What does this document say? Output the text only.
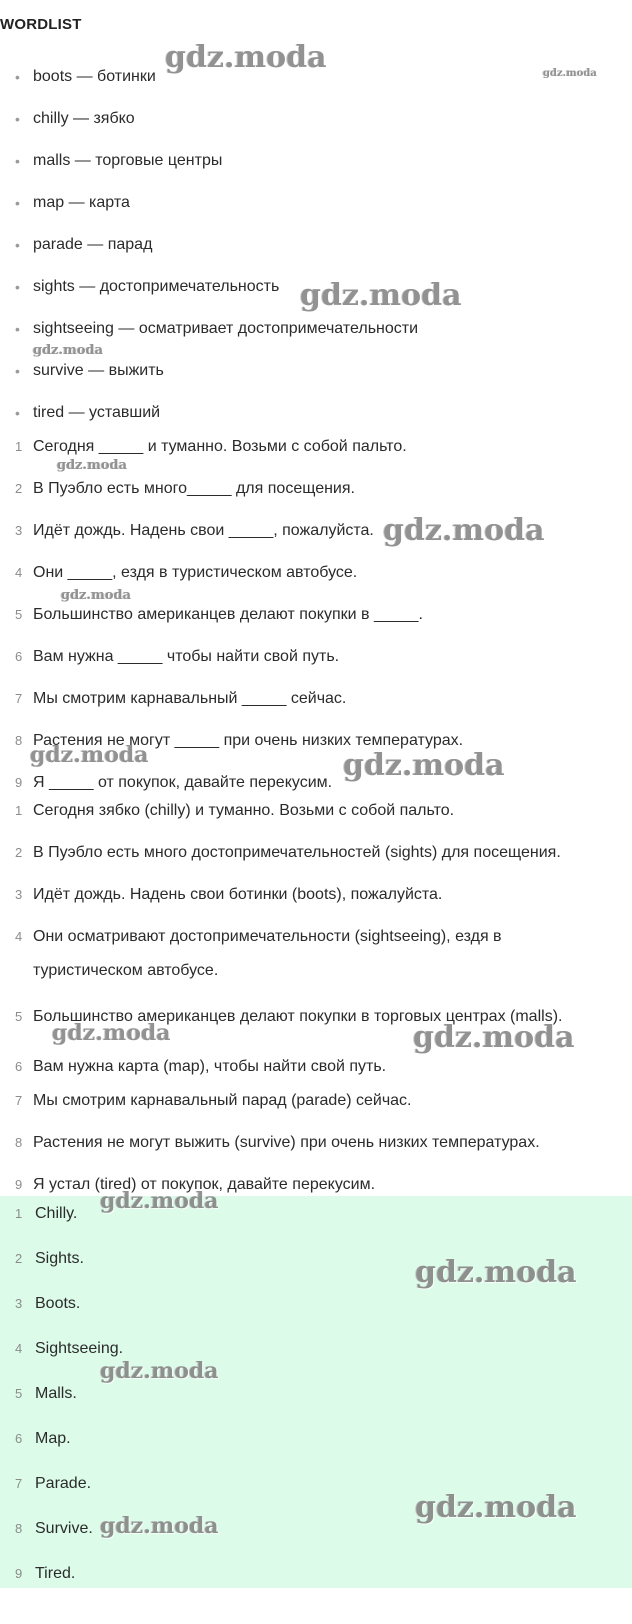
WORDLIST
• boots — ботинки
• chilly — зябко
• malls — торговые центры
• map — карта
• parade — парад
• sights — достопримечательность
• sightseeing — осматривает достопримечательности
• survive — выжить
• tired — уставший
1 Сегодня _____ и туманно. Возьми с собой пальто.
2 В Пуэбло есть много_____ для посещения.
3 Идёт дождь. Надень свои _____, пожалуйста.
4 Они _____, ездя в туристическом автобусе.
5 Большинство американцев делают покупки в _____.
6 Вам нужна _____ чтобы найти свой путь.
7 Мы смотрим карнавальный _____ сейчас.
8 Растения не могут _____ при очень низких температурах.
9 Я _____ от покупок, давайте перекусим.
1 Сегодня зябко (chilly) и туманно. Возьми с собой пальто.
2 В Пуэбло есть много достопримечательностей (sights) для посещения.
3 Идёт дождь. Надень свои ботинки (boots), пожалуйста.
4 Они осматривают достопримечательности (sightseeing), ездя в туристическом автобусе.
5 Большинство американцев делают покупки в торговых центрах (malls).
6 Вам нужна карта (map), чтобы найти свой путь.
7 Мы смотрим карнавальный парад (parade) сейчас.
8 Растения не могут выжить (survive) при очень низких температурах.
9 Я устал (tired) от покупок, давайте перекусим.
1 Chilly.
2 Sights.
3 Boots.
4 Sightseeing.
5 Malls.
6 Map.
7 Parade.
8 Survive.
9 Tired.
gdz.moda	gdz.moda
gdz.moda
gdz.moda
gdz.moda
gdz.moda
gdz.moda
gdz.moda	gdz.moda
gdz.moda	gdz.moda
gdz.moda
gdz.moda
gdz.moda
gdz.moda
gdz.moda
